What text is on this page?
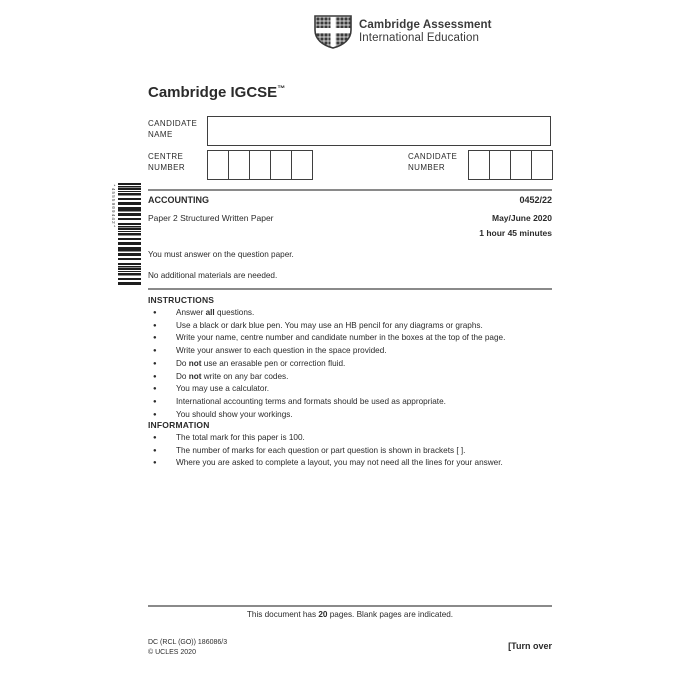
Cambridge Assessment
International Education
Cambridge IGCSE™
CANDIDATE
NAME
CENTRE
NUMBER
CANDIDATE
NUMBER
*4555909442*	ACCOUNTING	0452/22
Paper 2 Structured Written Paper	May/June 2020
1 hour 45 minutes
You must answer on the question paper.
No additional materials are needed.
INSTRUCTIONS
●	Answer all questions.
●	Use a black or dark blue pen. You may use an HB pencil for any diagrams or graphs.
●	Write your name, centre number and candidate number in the boxes at the top of the page.
●	Write your answer to each question in the space provided.
●	Do not use an erasable pen or correction fluid.
●	Do not write on any bar codes.
●	You may use a calculator.
●	International accounting terms and formats should be used as appropriate.
●	You should show your workings.
INFORMATION
●	The total mark for this paper is 100.
●	The number of marks for each question or part question is shown in brackets [ ].
●	Where you are asked to complete a layout, you may not need all the lines for your answer.
This document has 20 pages. Blank pages are indicated.
DC (RCL (GO)) 186086/3
© UCLES 2020
[Turn over
